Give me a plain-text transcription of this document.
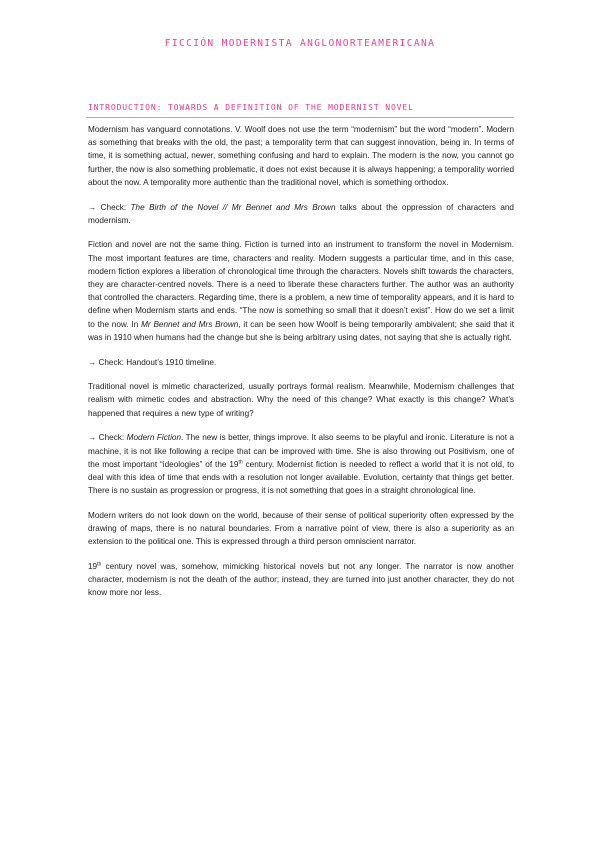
FICCIÓN MODERNISTA ANGLONORTEAMERICANA
INTRODUCTION: TOWARDS A DEFINITION OF THE MODERNIST NOVEL

Modernism has vanguard connotations. V. Woolf does not use the term “modernism” but the word “modern”. Modern as something that breaks with the old, the past; a temporality term that can suggest innovation, being in. In terms of time, it is something actual, newer, something confusing and hard to explain. The modern is the now, you cannot go further, the now is also something problematic, it does not exist because it is always happening; a temporality worried about the now. A temporality more authentic than the traditional novel, which is something orthodox.

→ Check: The Birth of the Novel // Mr Bennet and Mrs Brown talks about the oppression of characters and modernism.

Fiction and novel are not the same thing. Fiction is turned into an instrument to transform the novel in Modernism. The most important features are time, characters and reality. Modern suggests a particular time, and in this case, modern fiction explores a liberation of chronological time through the characters. Novels shift towards the characters, they are character-centred novels. There is a need to liberate these characters further. The author was an authority that controlled the characters. Regarding time, there is a problem, a new time of temporality appears, and it is hard to define when Modernism starts and ends. “The now is something so small that it doesn’t exist”. How do we set a limit to the now. In Mr Bennet and Mrs Brown, it can be seen how Woolf is being temporarily ambivalent; she said that it was in 1910 when humans had the change but she is being arbitrary using dates, not saying that she is actually right.

→ Check: Handout’s 1910 timeline.

Traditional novel is mimetic characterized, usually portrays formal realism. Meanwhile, Modernism challenges that realism with mimetic codes and abstraction. Why the need of this change? What exactly is this change? What’s happened that requires a new type of writing?

→ Check: Modern Fiction. The new is better, things improve. It also seems to be playful and ironic. Literature is not a machine, it is not like following a recipe that can be improved with time. She is also throwing out Positivism, one of the most important “ideologies” of the 19th century. Modernist fiction is needed to reflect a world that it is not old, to deal with this idea of time that ends with a resolution not longer available. Evolution, certainty that things get better. There is no sustain as progression or progress, it is not something that goes in a straight chronological line.

Modern writers do not look down on the world, because of their sense of political superiority often expressed by the drawing of maps, there is no natural boundaries. From a narrative point of view, there is also a superiority as an extension to the political one. This is expressed through a third person omniscient narrator.

19th century novel was, somehow, mimicking historical novels but not any longer. The narrator is now another character, modernism is not the death of the author; instead, they are turned into just another character, they do not know more nor less.
